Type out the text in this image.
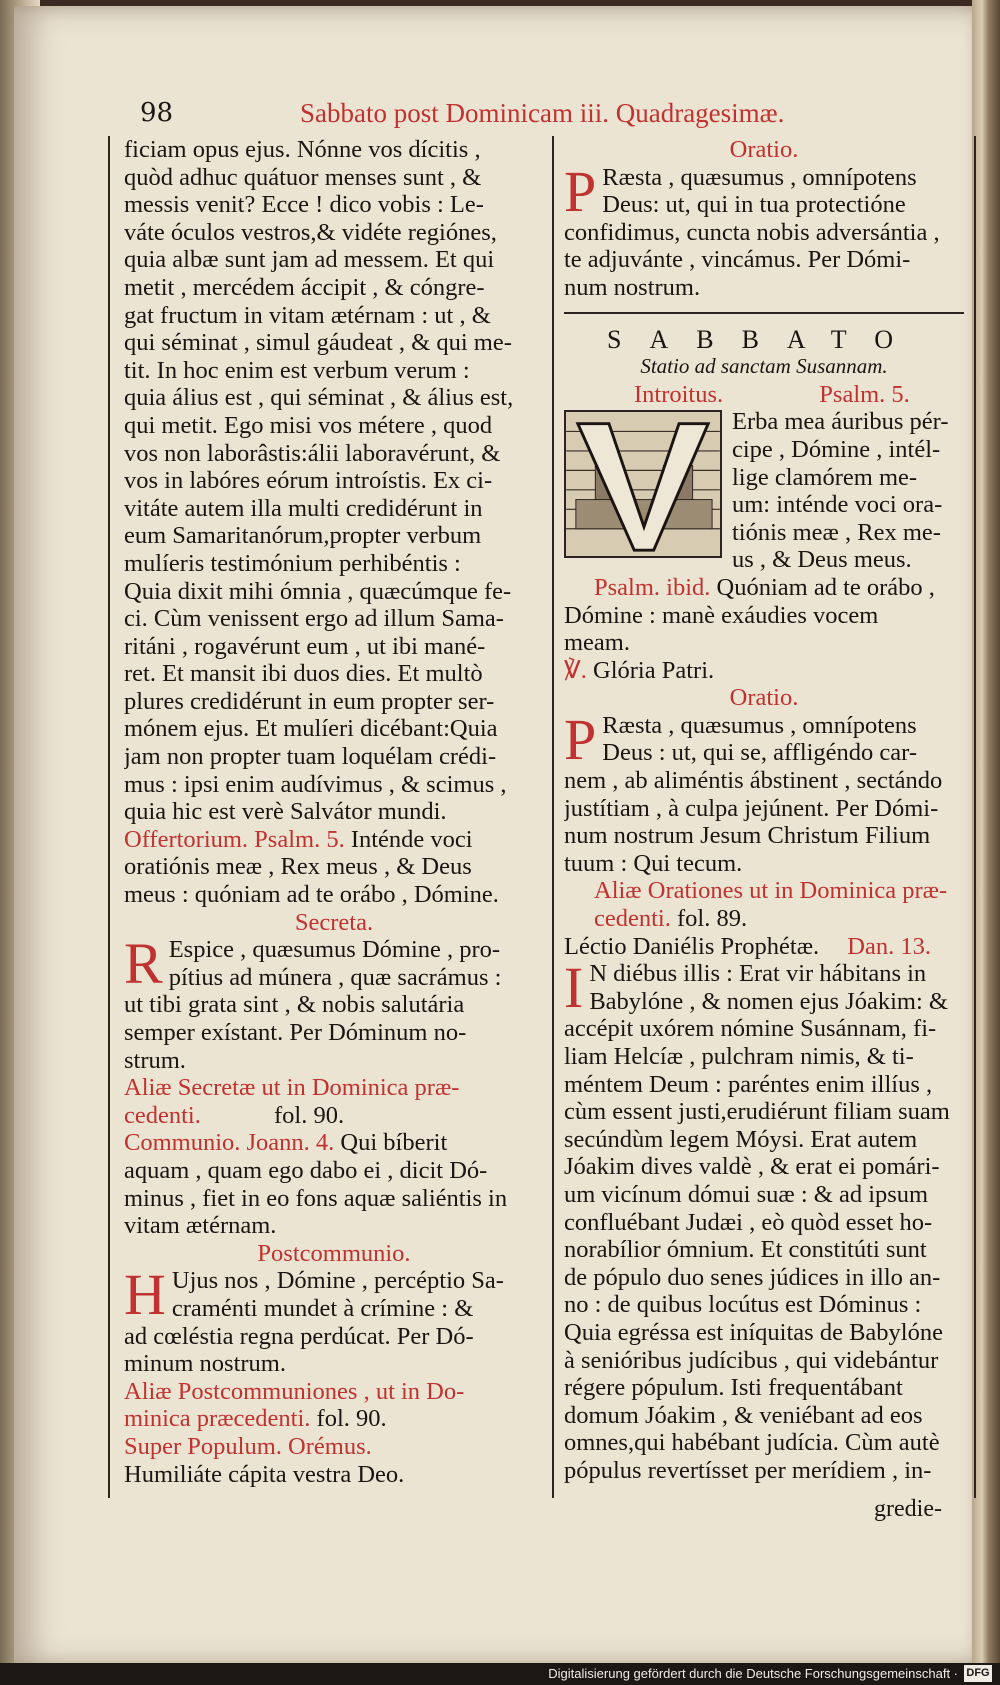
98	Sabbato post Dominicam iii. Quadragesimæ.
ficiam opus ejus. Nónne vos dícitis ,
quòd adhuc quátuor menses sunt , &
messis venit? Ecce ! dico vobis : Le-
váte óculos vestros,& vidéte regiónes,
quia albæ sunt jam ad messem. Et qui
metit , mercédem áccipit , & cóngre-
gat fructum in vitam ætérnam : ut , &
qui séminat , simul gáudeat , & qui me-
tit. In hoc enim est verbum verum :
quia álius est , qui séminat , & álius est,
qui metit. Ego misi vos métere , quod
vos non laborâstis:álii laboravérunt, &
vos in labóres eórum introístis. Ex ci-
vitáte autem illa multi credidérunt in
eum Samaritanórum,propter verbum
mulíeris testimónium perhibéntis :
Quia dixit mihi ómnia , quæcúmque fe-
ci. Cùm venissent ergo ad illum Sama-
ritáni , rogavérunt eum , ut ibi mané-
ret. Et mansit ibi duos dies. Et multò
plures credidérunt in eum propter ser-
mónem ejus. Et mulíeri dicébant:Quia
jam non propter tuam loquélam crédi-
mus : ipsi enim audívimus , & scimus ,
quia hic est verè Salvátor mundi.
Offertorium. Psalm. 5. Inténde voci
oratiónis meæ , Rex meus , & Deus
meus : quóniam ad te orábo , Dómine.
Secreta.
R Espice , quæsumus Dómine , pro-
pítius ad múnera , quæ sacrámus :
ut tibi grata sint , & nobis salutária
semper exístant. Per Dóminum no-
strum.
Aliæ Secretæ ut in Dominica præ-
cedenti.	fol. 90.
Communio. Joann. 4. Qui bíberit
aquam , quam ego dabo ei , dicit Dó-
minus , fiet in eo fons aquæ saliéntis in
vitam ætérnam.
Postcommunio.
H Ujus nos , Dómine , percéptio Sa-
craménti mundet à crímine : &
ad cœléstia regna perdúcat. Per Dó-
minum nostrum.
Aliæ Postcommuniones , ut in Do-
minica præcedenti. fol. 90.
Super Populum. Orémus.
Humiliáte cápita vestra Deo.
Oratio.
P Ræsta , quæsumus , omnípotens
Deus: ut, qui in tua protectióne
confidimus, cuncta nobis adversántia ,
te adjuvánte , vincámus. Per Dómi-
num nostrum.
SABBATO
Statio ad sanctam Susannam.
Introitus.	Psalm. 5.
Erba mea áuribus pér-
cipe , Dómine , intél-
lige clamórem me-
um: inténde voci ora-
tiónis meæ , Rex me-
us , & Deus meus.
Psalm. ibid. Quóniam ad te orábo ,
Dómine : manè exáudies vocem
meam.
℣. Glória Patri.
Oratio.
P Ræsta , quæsumus , omnípotens
Deus : ut, qui se, affligéndo car-
nem , ab aliméntis ábstinent , sectándo
justítiam , à culpa jejúnent. Per Dómi-
num nostrum Jesum Christum Filium
tuum : Qui tecum.
Aliæ Orationes ut in Dominica præ-
cedenti. fol. 89.
Léctio Daniélis Prophétæ. Dan. 13.
I N diébus illis : Erat vir hábitans in
Babylóne , & nomen ejus Jóakim: &
accépit uxórem nómine Susánnam, fi-
liam Helcíæ , pulchram nimis, & ti-
méntem Deum : paréntes enim illíus ,
cùm essent justi,erudiérunt filiam suam
secúndùm legem Móysi. Erat autem
Jóakim dives valdè , & erat ei pomári-
um vicínum dómui suæ : & ad ipsum
confluébant Judæi , eò quòd esset ho-
norabílior ómnium. Et constitúti sunt
de pópulo duo senes júdices in illo an-
no : de quibus locútus est Dóminus :
Quia egréssa est iníquitas de Babylóne
à senióribus judícibus , qui videbántur
régere pópulum. Isti frequentábant
domum Jóakim , & veniébant ad eos
omnes,qui habébant judícia. Cùm autè
pópulus revertísset per merídiem , in-
gredie-
Digitalisierung gefördert durch die Deutsche Forschungsgemeinschaft · DFG
